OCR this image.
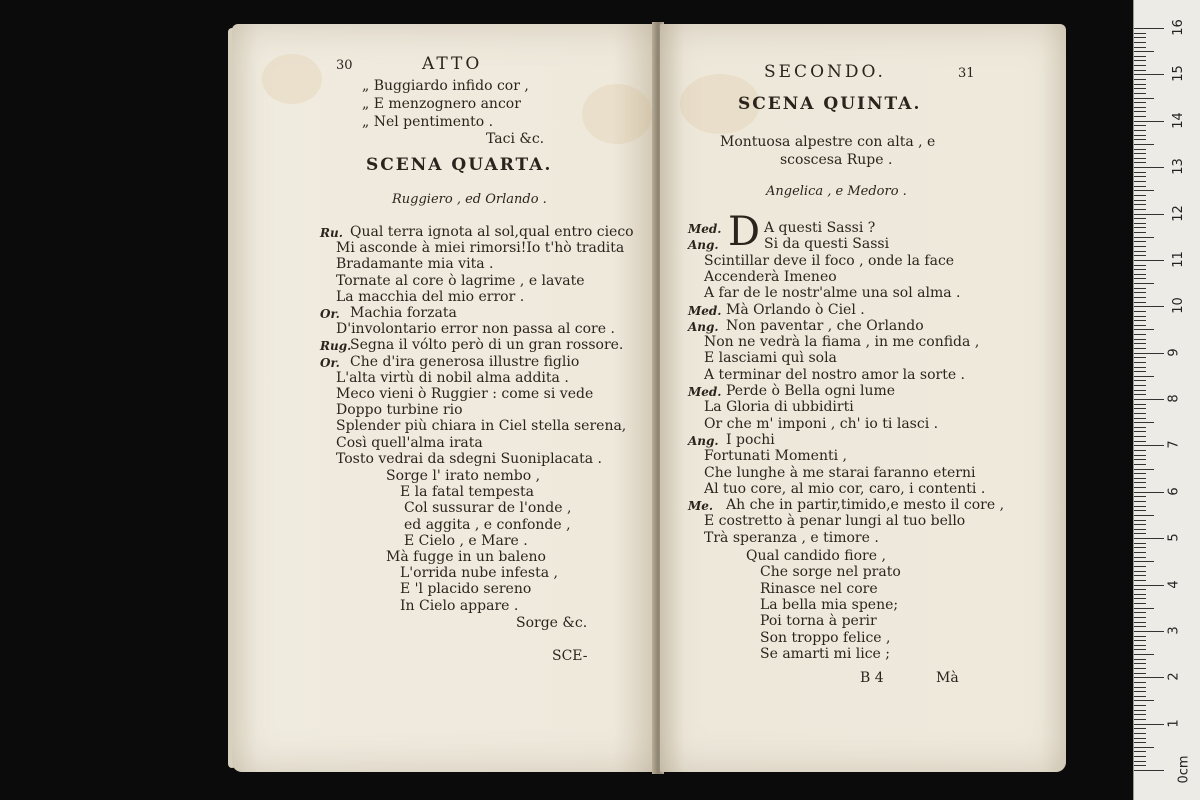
30	ATTO
„ Buggiardo infido cor ,
„ E menzognero ancor
„ Nel pentimento .
Taci &c.
SCENA QUARTA.
Ruggiero , ed Orlando .
Ru. Qual terra ignota al sol,qual entro cieco
Mi asconde à miei rimorsi!Io t'hò tradita
Bradamante mia vita .
Tornate al core ò lagrime , e lavate
La macchia del mio error .
Or. Machia forzata
D'involontario error non passa al core .
Rug.
Segna il vólto però di un gran rossore.
Or. Che d'ira generosa illustre figlio
L'alta virtù di nobil alma addita .
Meco vieni ò Ruggier : come si vede
Doppo turbine rio
Splender più chiara in Ciel stella serena,
Così quell'alma irata
Tosto vedrai da sdegni Suoniplacata .
Sorge l' irato nembo ,
E la fatal tempesta
Col sussurar de l'onde ,
ed aggita , e confonde ,
E Cielo , e Mare .
Mà fugge in un baleno
L'orrida nube infesta ,
E 'l placido sereno
In Cielo appare .
Sorge &c.
SCE-
SECONDO.	31
SCENA QUINTA.
Montuosa alpestre con alta , e
scoscesa Rupe .
Angelica , e Medoro .
D
Med.	A questi Sassi ?
Ang.	Si da questi Sassi
Scintillar deve il foco , onde la face
Accenderà Imeneo
A far de le nostr'alme una sol alma .
Med. Mà Orlando ò Ciel .
Ang. Non paventar , che Orlando
Non ne vedrà la fiama , in me confida ,
E lasciami quì sola
A terminar del nostro amor la sorte .
Med. Perde ò Bella ogni lume
La Gloria di ubbidirti
Or che m' imponi , ch' io ti lasci .
Ang. I pochi
Fortunati Momenti ,
Che lunghe à me starai faranno eterni
Al tuo core, al mio cor, caro, i contenti .
Me. Ah che in partir,timido,e mesto il core ,
E costretto à penar lungi al tuo bello
Trà speranza , e timore .
Qual candido fiore ,
Che sorge nel prato
Rinasce nel core
La bella mia spene;
Poi torna à perir
Son troppo felice ,
Se amarti mi lice ;
B 4	Mà
16
15
14
13
12
11
10
9
8
7
6
5
4
3
2
1
0cm
